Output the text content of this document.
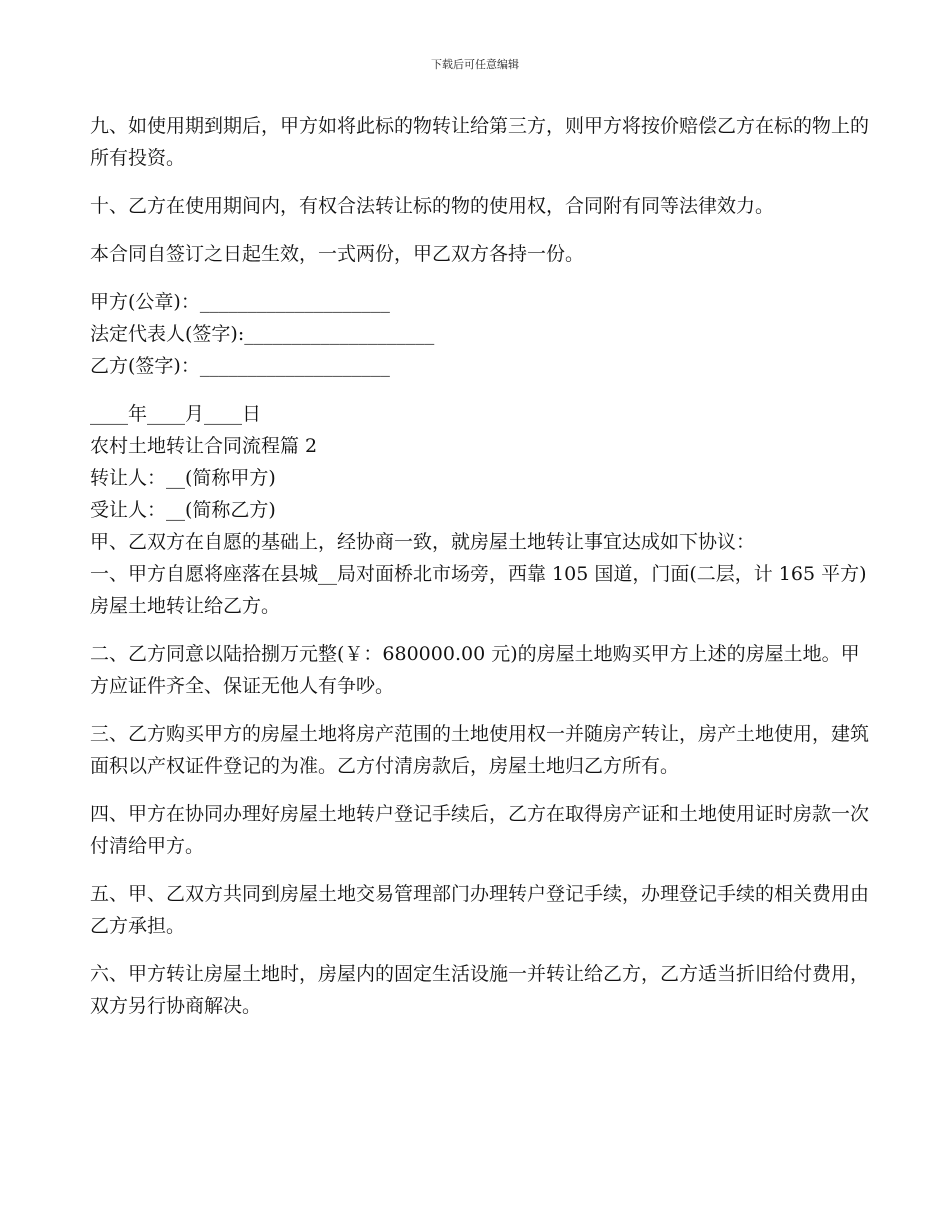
下载后可任意编辑

九、如使用期到期后，甲方如将此标的物转让给第三方，则甲方将按价赔偿乙方在标的物上的所有投资。

十、乙方在使用期间内，有权合法转让标的物的使用权，合同附有同等法律效力。

本合同自签订之日起生效，一式两份，甲乙双方各持一份。

甲方(公章)：____________________

法定代表人(签字):____________________

乙方(签字)：____________________

____年____月____日

农村土地转让合同流程篇 2

转让人：__(简称甲方)

受让人：__(简称乙方)

甲、乙双方在自愿的基础上，经协商一致，就房屋土地转让事宜达成如下协议：

一、甲方自愿将座落在县城__局对面桥北市场旁，西靠 105 国道，门面(二层，计 165 平方)房屋土地转让给乙方。

二、乙方同意以陆拾捌万元整(￥：680000.00 元)的房屋土地购买甲方上述的房屋土地。甲方应证件齐全、保证无他人有争吵。

三、乙方购买甲方的房屋土地将房产范围的土地使用权一并随房产转让，房产土地使用，建筑面积以产权证件登记的为准。乙方付清房款后，房屋土地归乙方所有。

四、甲方在协同办理好房屋土地转户登记手续后，乙方在取得房产证和土地使用证时房款一次付清给甲方。

五、甲、乙双方共同到房屋土地交易管理部门办理转户登记手续，办理登记手续的相关费用由乙方承担。

六、甲方转让房屋土地时，房屋内的固定生活设施一并转让给乙方，乙方适当折旧给付费用，双方另行协商解决。
